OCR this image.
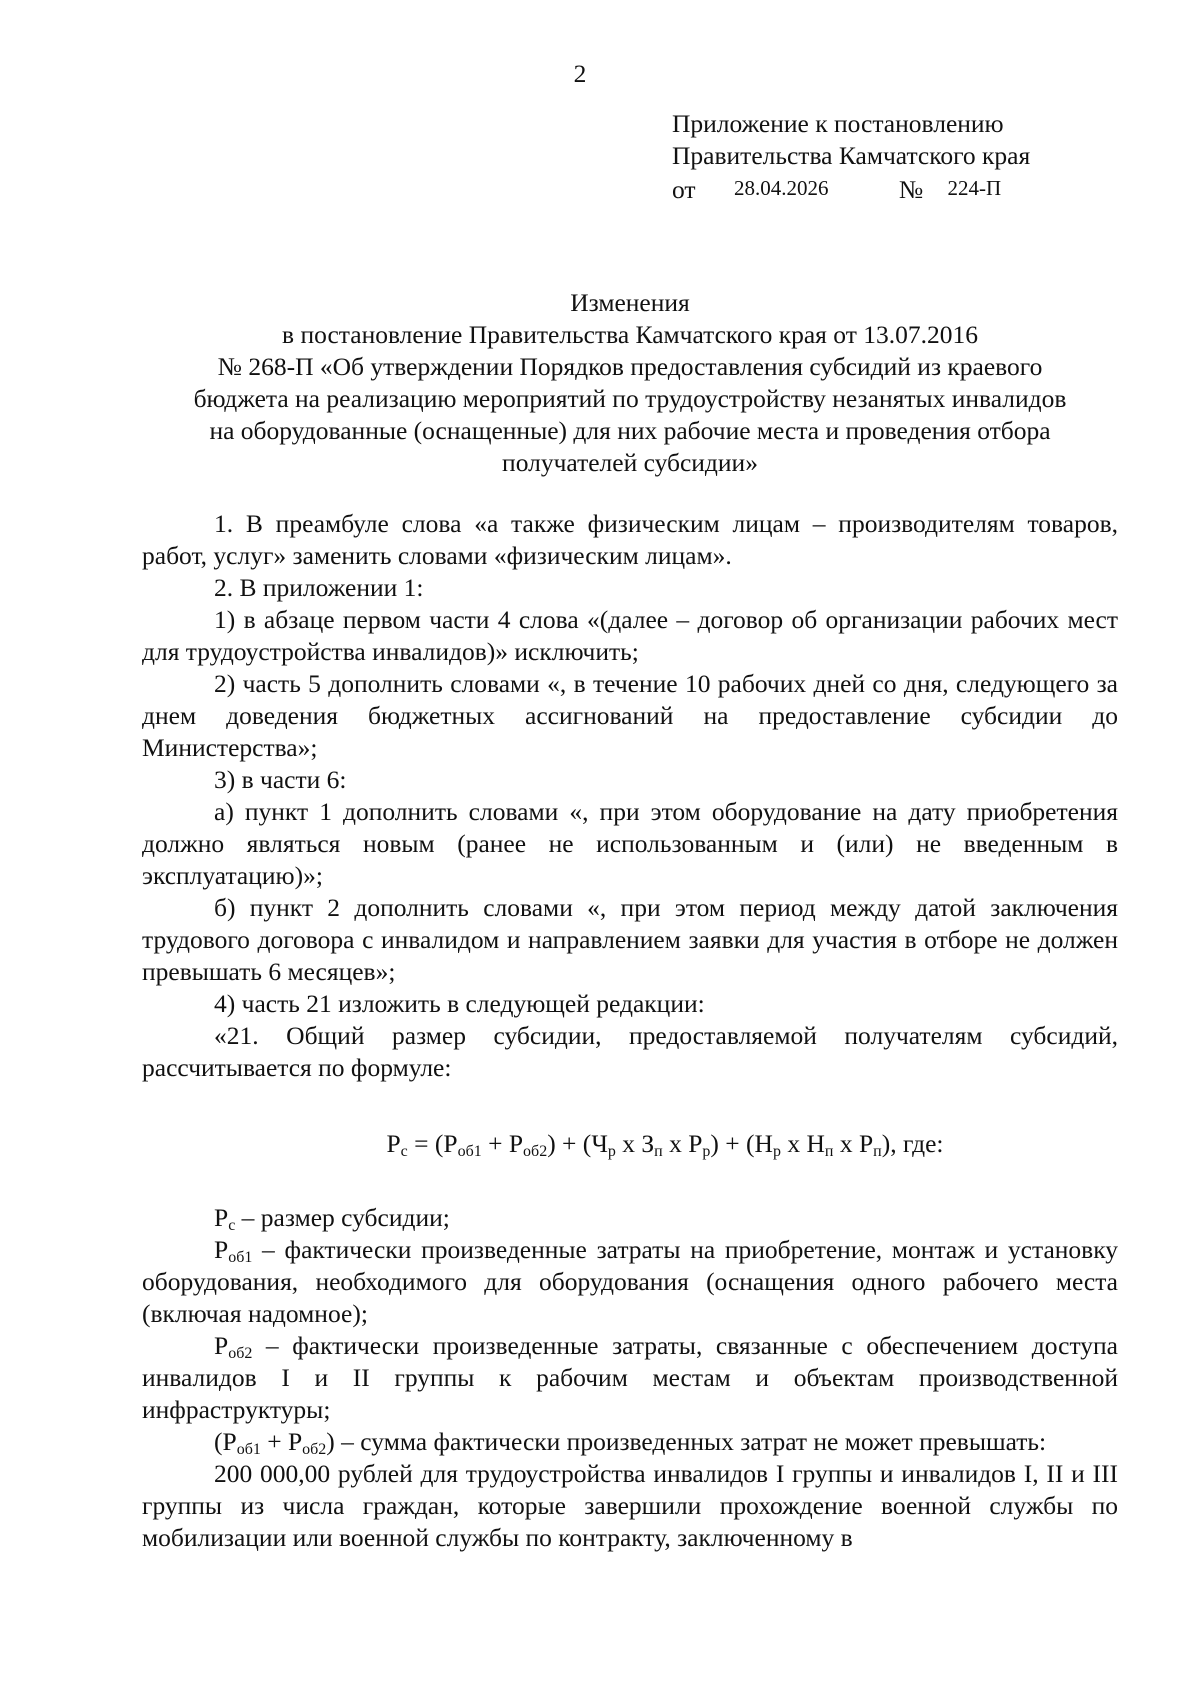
2
Приложение к постановлению
Правительства Камчатского края
от 28.04.2026	№ 224-П
Изменения
в постановление Правительства Камчатского края от 13.07.2016
№ 268-П «Об утверждении Порядков предоставления субсидий из краевого
бюджета на реализацию мероприятий по трудоустройству незанятых инвалидов
на оборудованные (оснащенные) для них рабочие места и проведения отбора
получателей субсидии»

1. В преамбуле слова «а также физическим лицам – производителям товаров, работ, услуг» заменить словами «физическим лицам».

2. В приложении 1:

1) в абзаце первом части 4 слова «(далее – договор об организации рабочих мест для трудоустройства инвалидов)» исключить;

2) часть 5 дополнить словами «, в течение 10 рабочих дней со дня, следующего за днем доведения бюджетных ассигнований на предоставление субсидии до Министерства»;

3) в части 6:

а) пункт 1 дополнить словами «, при этом оборудование на дату приобретения должно являться новым (ранее не использованным и (или) не введенным в эксплуатацию)»;

б) пункт 2 дополнить словами «, при этом период между датой заключения трудового договора с инвалидом и направлением заявки для участия в отборе не должен превышать 6 месяцев»;

4) часть 21 изложить в следующей редакции:

«21. Общий размер субсидии, предоставляемой получателям субсидий, рассчитывается по формуле:

$Р_с = (Р_{об1} + Р_{об2}) + (Ч_р$ х $З_п$ х $Р_р) + (Н_р$ х $Н_п$ х $Р_п$), где:

$Р_с$ – размер субсидии;

$Р_{об1}$ – фактически произведенные затраты на приобретение, монтаж и установку оборудования, необходимого для оборудования (оснащения одного рабочего места (включая надомное);

$Р_{об2}$ – фактически произведенные затраты, связанные с обеспечением доступа инвалидов I и II группы к рабочим местам и объектам производственной инфраструктуры;

$(Р_{об1} + Р_{об2})$ – сумма фактически произведенных затрат не может превышать:

200 000,00 рублей для трудоустройства инвалидов I группы и инвалидов I, II и III группы из числа граждан, которые завершили прохождение военной службы по мобилизации или военной службы по контракту, заключенному в
